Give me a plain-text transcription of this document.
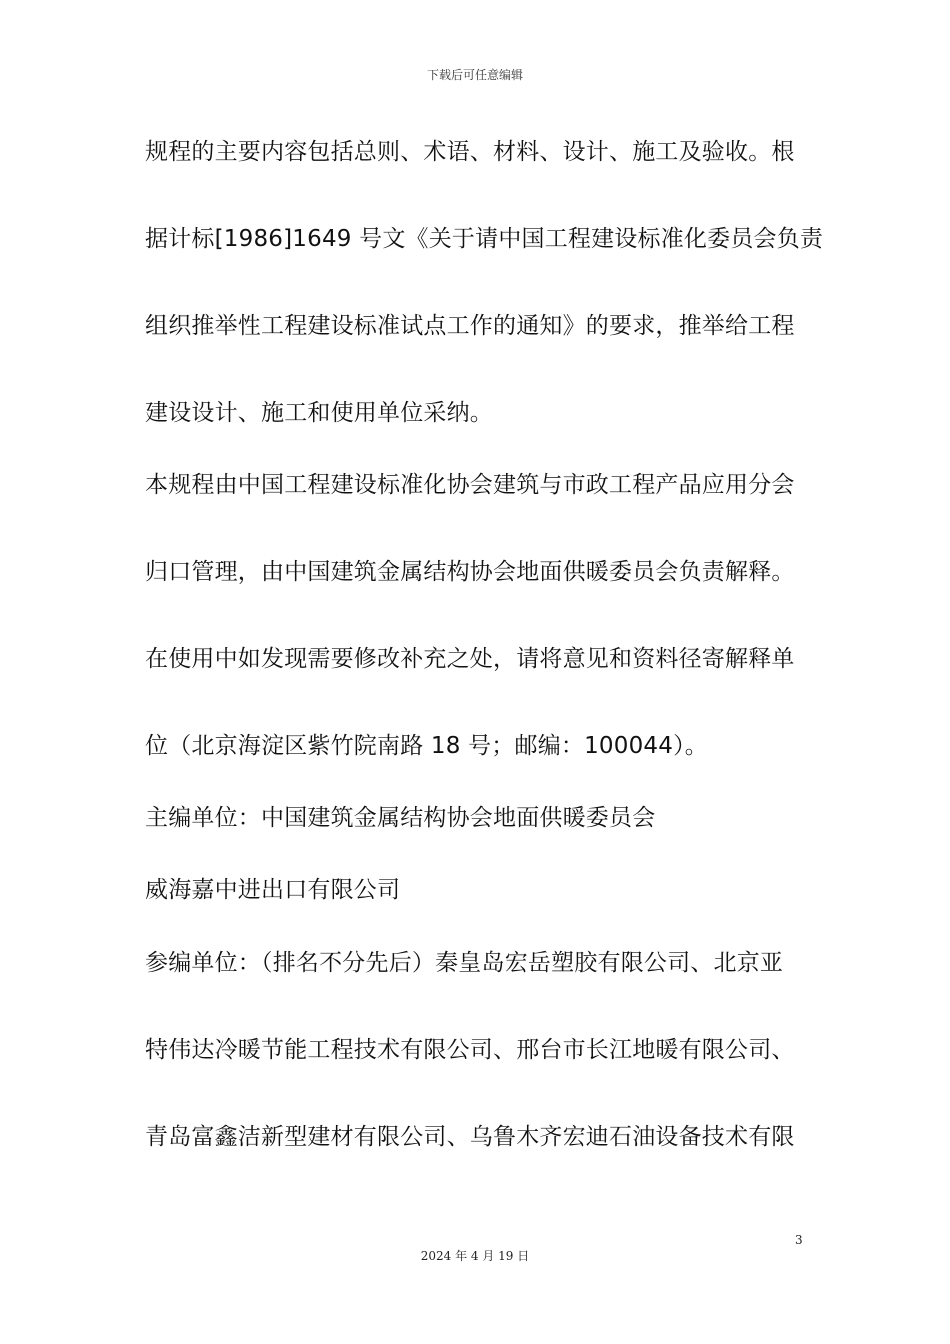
下载后可任意编辑
规程的主要内容包括总则、术语、材料、设计、施工及验收。根
据计标[1986]1649 号文《关于请中国工程建设标准化委员会负责
组织推举性工程建设标准试点工作的通知》的要求，推举给工程
建设设计、施工和使用单位采纳。
本规程由中国工程建设标准化协会建筑与市政工程产品应用分会
归口管理，由中国建筑金属结构协会地面供暖委员会负责解释。
在使用中如发现需要修改补充之处，请将意见和资料径寄解释单
位（北京海淀区紫竹院南路 18 号；邮编：100044）。
主编单位：中国建筑金属结构协会地面供暖委员会
威海嘉中进出口有限公司
参编单位：（排名不分先后）秦皇岛宏岳塑胶有限公司、北京亚
特伟达冷暖节能工程技术有限公司、邢台市长江地暖有限公司、
青岛富鑫洁新型建材有限公司、乌鲁木齐宏迪石油设备技术有限
3
2024 年 4 月 19 日
